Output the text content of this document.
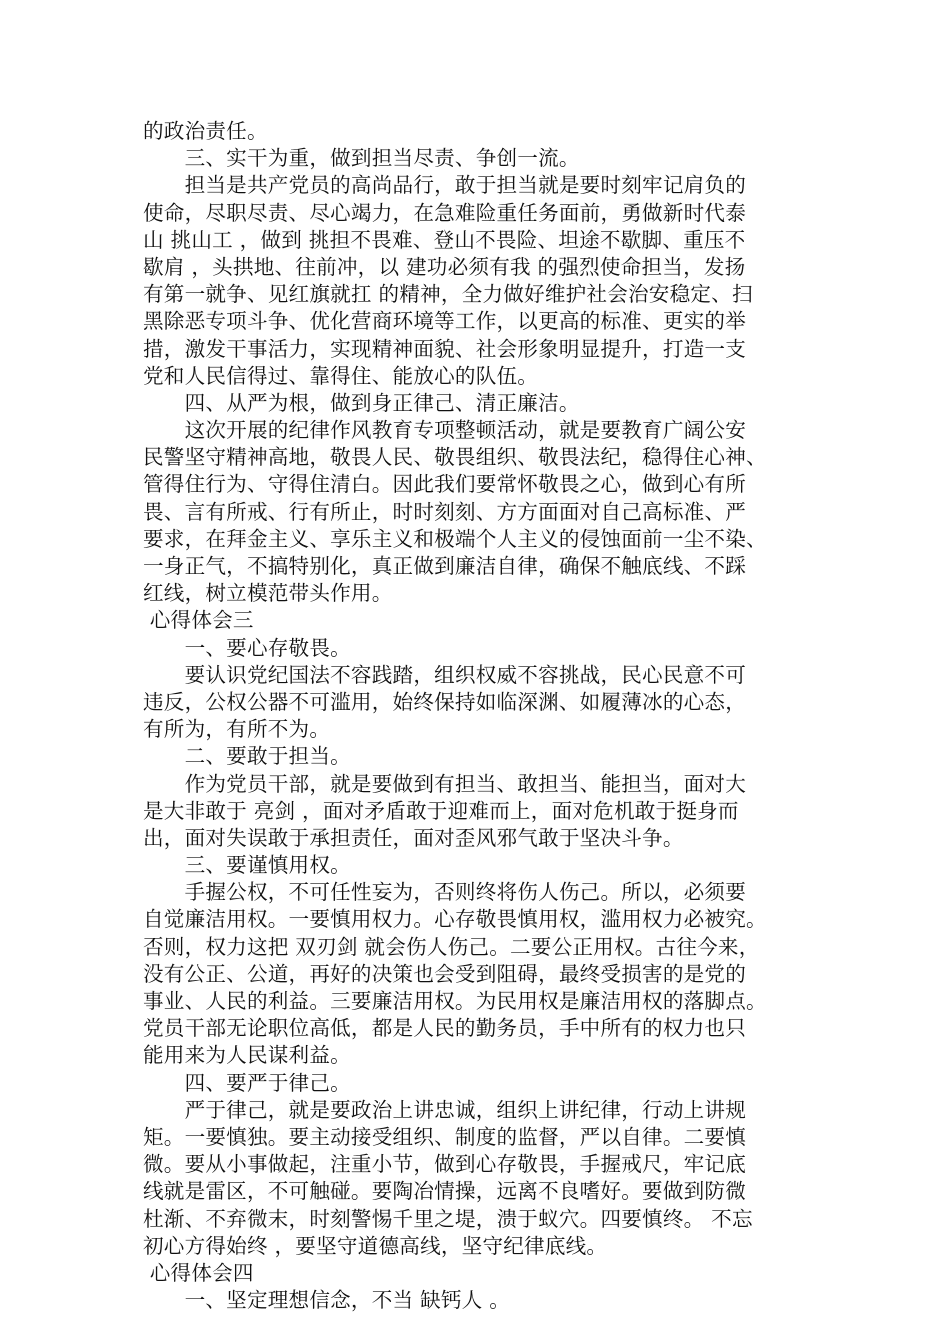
的政治责任。
　　三、实干为重，做到担当尽责、争创一流。
　　担当是共产党员的高尚品行，敢于担当就是要时刻牢记肩负的
使命，尽职尽责、尽心竭力，在急难险重任务面前，勇做新时代泰
山 挑山工 ，做到 挑担不畏难、登山不畏险、坦途不歇脚、重压不
歇肩 ，头拱地、往前冲，以 建功必须有我 的强烈使命担当，发扬
有第一就争、见红旗就扛 的精神，全力做好维护社会治安稳定、扫
黑除恶专项斗争、优化营商环境等工作，以更高的标准、更实的举
措，激发干事活力，实现精神面貌、社会形象明显提升，打造一支
党和人民信得过、靠得住、能放心的队伍。
　　四、从严为根，做到身正律己、清正廉洁。
　　这次开展的纪律作风教育专项整顿活动，就是要教育广阔公安
民警坚守精神高地，敬畏人民、敬畏组织、敬畏法纪，稳得住心神、
管得住行为、守得住清白。因此我们要常怀敬畏之心，做到心有所
畏、言有所戒、行有所止，时时刻刻、方方面面对自己高标准、严
要求，在拜金主义、享乐主义和极端个人主义的侵蚀面前一尘不染、
一身正气，不搞特别化，真正做到廉洁自律，确保不触底线、不踩
红线，树立模范带头作用。
心得体会三
　　一、要心存敬畏。
　　要认识党纪国法不容践踏，组织权威不容挑战，民心民意不可
违反，公权公器不可滥用，始终保持如临深渊、如履薄冰的心态，
有所为，有所不为。
　　二、要敢于担当。
　　作为党员干部，就是要做到有担当、敢担当、能担当，面对大
是大非敢于 亮剑 ，面对矛盾敢于迎难而上，面对危机敢于挺身而
出，面对失误敢于承担责任，面对歪风邪气敢于坚决斗争。
　　三、要谨慎用权。
　　手握公权，不可任性妄为，否则终将伤人伤己。所以，必须要
自觉廉洁用权。一要慎用权力。心存敬畏慎用权，滥用权力必被究。
否则，权力这把 双刃剑 就会伤人伤己。二要公正用权。古往今来，
没有公正、公道，再好的决策也会受到阻碍，最终受损害的是党的
事业、人民的利益。三要廉洁用权。为民用权是廉洁用权的落脚点。
党员干部无论职位高低，都是人民的勤务员，手中所有的权力也只
能用来为人民谋利益。
　　四、要严于律己。
　　严于律己，就是要政治上讲忠诚，组织上讲纪律，行动上讲规
矩。一要慎独。要主动接受组织、制度的监督，严以自律。二要慎
微。要从小事做起，注重小节，做到心存敬畏，手握戒尺，牢记底
线就是雷区，不可触碰。要陶冶情操，远离不良嗜好。要做到防微
杜渐、不弃微末，时刻警惕千里之堤，溃于蚁穴。四要慎终。 不忘
初心方得始终 ，要坚守道德高线，坚守纪律底线。
心得体会四
　　一、坚定理想信念，不当 缺钙人 。
